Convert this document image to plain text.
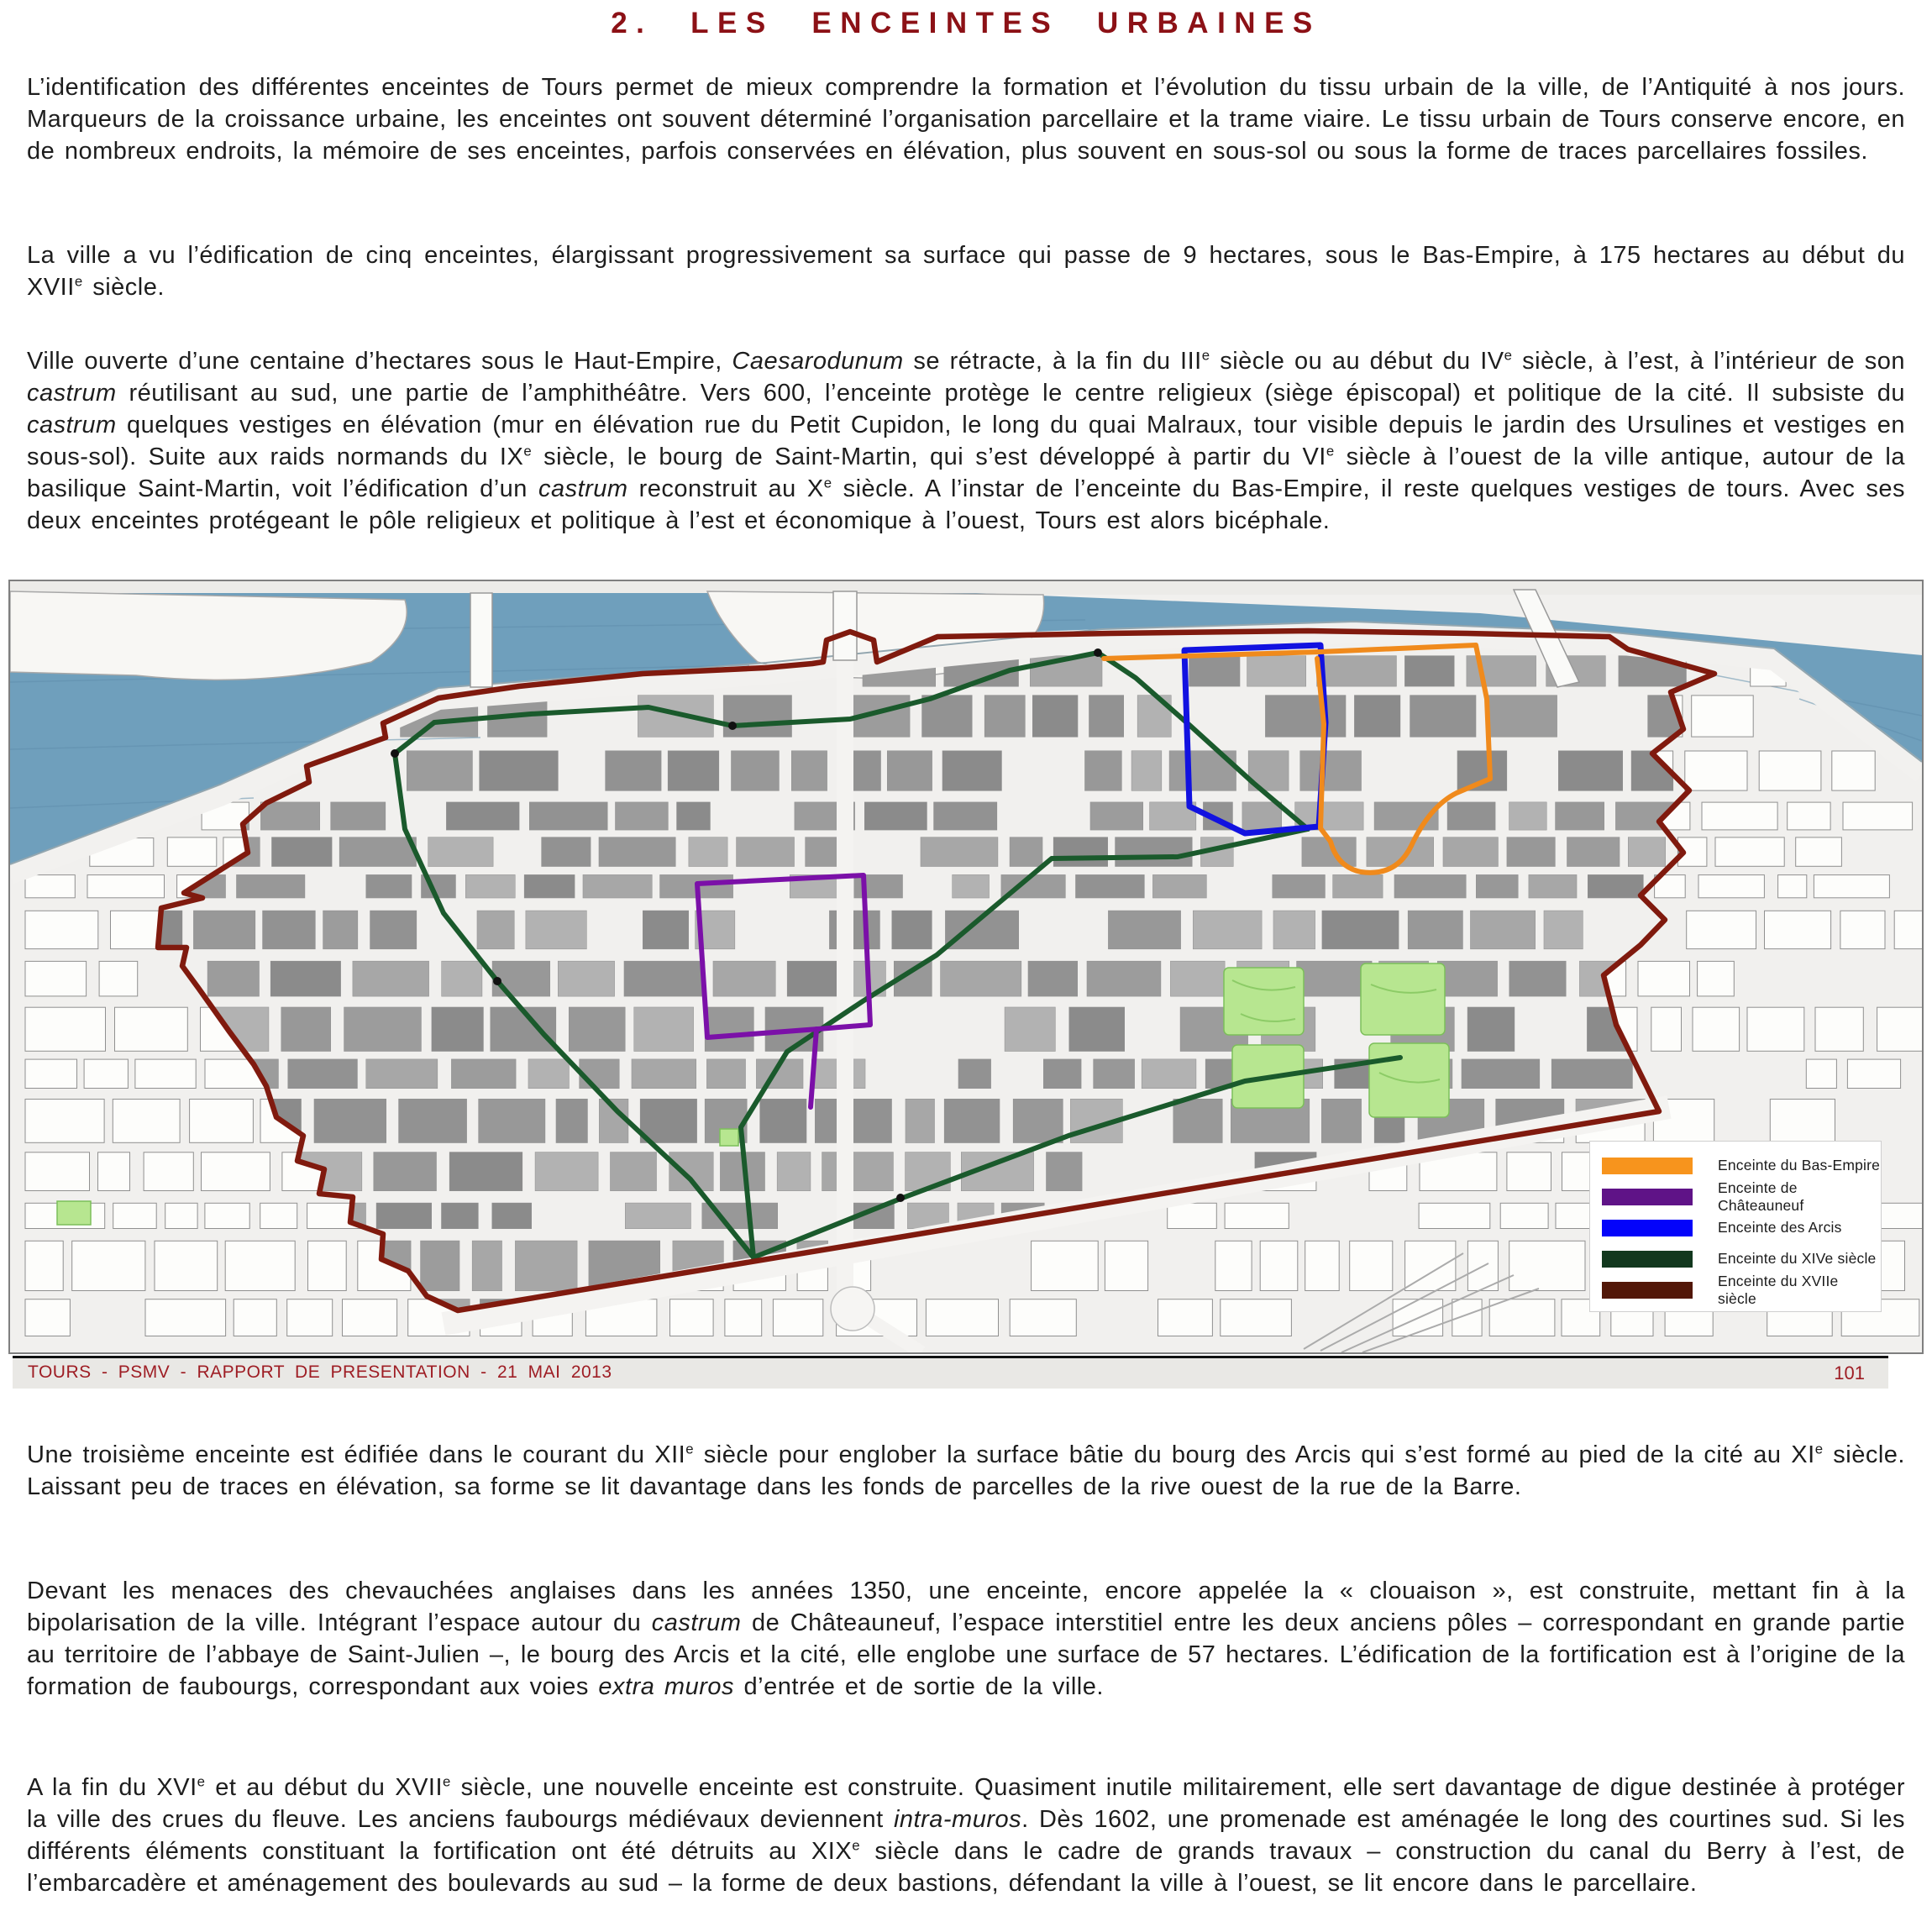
2. LES ENCEINTES URBAINES

L’identification des différentes enceintes de Tours permet de mieux comprendre la formation et l’évolution du tissu urbain de la ville, de l’Antiquité à nos jours. Marqueurs de la croissance urbaine, les enceintes ont souvent déterminé l’organisation parcellaire et la trame viaire. Le tissu urbain de Tours conserve encore, en de nombreux endroits, la mémoire de ses enceintes, parfois conservées en élévation, plus souvent en sous-sol ou sous la forme de traces parcellaires fossiles.

La ville a vu l’édification de cinq enceintes, élargissant progressivement sa surface qui passe de 9 hectares, sous le Bas-Empire, à 175 hectares au début du XVIIe siècle.

Ville ouverte d’une centaine d’hectares sous le Haut-Empire, Caesarodunum se rétracte, à la fin du IIIe siècle ou au début du IVe siècle, à l’est, à l’intérieur de son castrum réutilisant au sud, une partie de l’amphithéâtre. Vers 600, l’enceinte protège le centre religieux (siège épiscopal) et politique de la cité. Il subsiste du castrum quelques vestiges en élévation (mur en élévation rue du Petit Cupidon, le long du quai Malraux, tour visible depuis le jardin des Ursulines et vestiges en sous-sol). Suite aux raids normands du IXe siècle, le bourg de Saint-Martin, qui s’est développé à partir du VIe siècle à l’ouest de la ville antique, autour de la basilique Saint-Martin, voit l’édification d’un castrum reconstruit au Xe siècle. A l’instar de l’enceinte du Bas-Empire, il reste quelques vestiges de tours. Avec ses deux enceintes protégeant le pôle religieux et politique à l’est et économique à l’ouest, Tours est alors bicéphale.

Enceinte du Bas-Empire
Enceinte de Châteauneuf
Enceinte des Arcis
Enceinte du XIVe siècle
Enceinte du XVIIe siècle
TOURS - PSMV - RAPPORT DE PRESENTATION - 21 MAI 2013	101

Une troisième enceinte est édifiée dans le courant du XIIe siècle pour englober la surface bâtie du bourg des Arcis qui s’est formé au pied de la cité au XIe siècle. Laissant peu de traces en élévation, sa forme se lit davantage dans les fonds de parcelles de la rive ouest de la rue de la Barre.

Devant les menaces des chevauchées anglaises dans les années 1350, une enceinte, encore appelée la « clouaison », est construite, mettant fin à la bipolarisation de la ville. Intégrant l’espace autour du castrum de Châteauneuf, l’espace interstitiel entre les deux anciens pôles – correspondant en grande partie au territoire de l’abbaye de Saint-Julien –, le bourg des Arcis et la cité, elle englobe une surface de 57 hectares. L’édification de la fortification est à l’origine de la formation de faubourgs, correspondant aux voies extra muros d’entrée et de sortie de la ville.

A la fin du XVIe et au début du XVIIe siècle, une nouvelle enceinte est construite. Quasiment inutile militairement, elle sert davantage de digue destinée à protéger la ville des crues du fleuve. Les anciens faubourgs médiévaux deviennent intra-muros. Dès 1602, une promenade est aménagée le long des courtines sud. Si les différents éléments constituant la fortification ont été détruits au XIXe siècle dans le cadre de grands travaux – construction du canal du Berry à l’est, de l’embarcadère et aménagement des boulevards au sud – la forme de deux bastions, défendant la ville à l’ouest, se lit encore dans le parcellaire.
